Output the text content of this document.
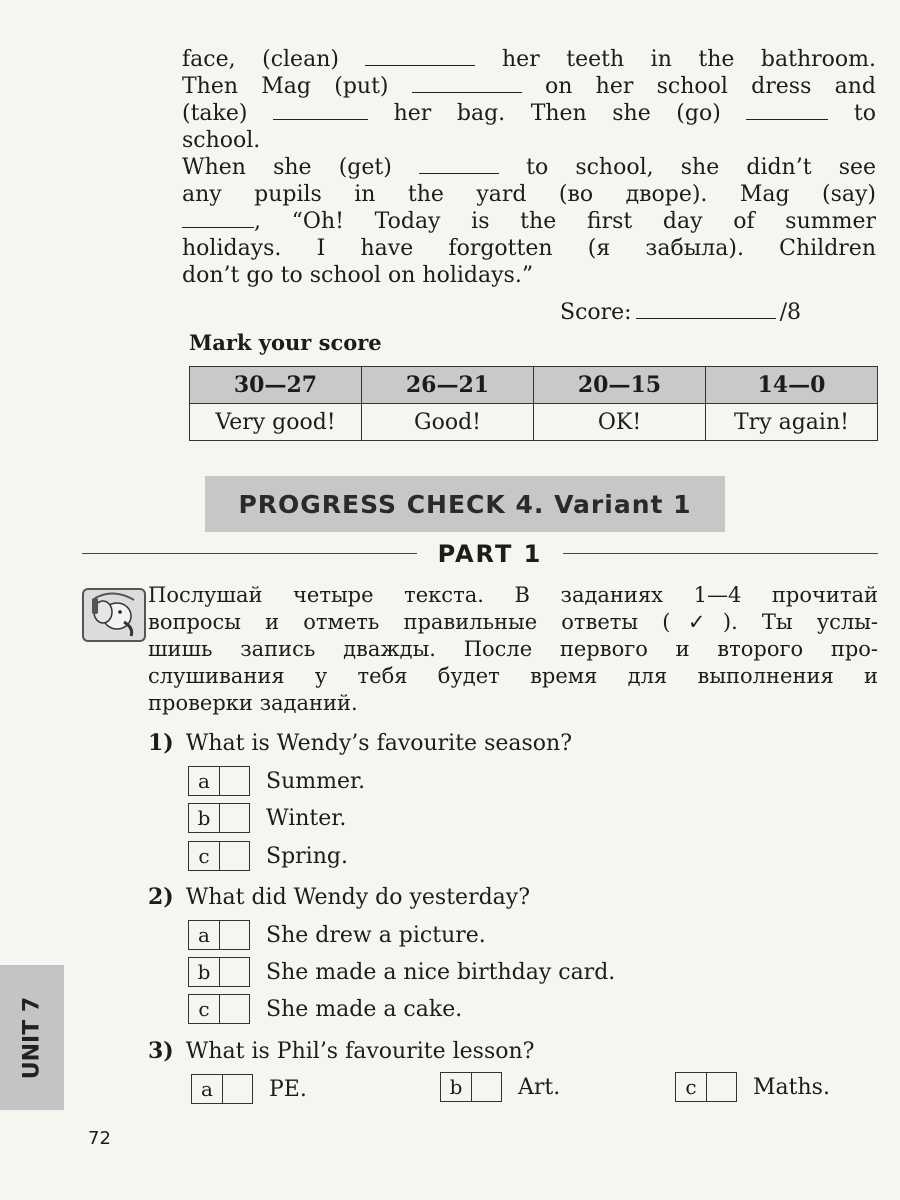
face, (clean)	her teeth in the bathroom.
Then Mag (put)	on her school dress and
(take)	her bag. Then she (go)	to
school.
When she (get)	to school, she didn’t see
any pupils in the yard (во дворе). Mag (say)
, “Oh! Today is the first day of summer
holidays. I have forgotten (я забыла). Children
don’t go to school on holidays.”
Score:	/8
Mark your score
30—27	26—21	20—15	14—0
Very good!	Good!	OK!	Try again!
PROGRESS CHECK 4. Variant 1
PART 1
Послушай четыре текста. В заданиях 1—4 прочитай
вопросы и отметь правильные ответы (✓). Ты услы-
шишь запись дважды. После первого и второго про-
слушивания у тебя будет время для выполнения и
проверки заданий.
1) What is Wendy’s favourite season?
a	Summer.
b	Winter.
c	Spring.
2) What did Wendy do yesterday?
a	She drew a picture.
b	She made a nice birthday card.
c	She made a cake.
3) What is Phil’s favourite lesson?
a	PE.	b	Art.	c	Maths.
UNIT 7
72
